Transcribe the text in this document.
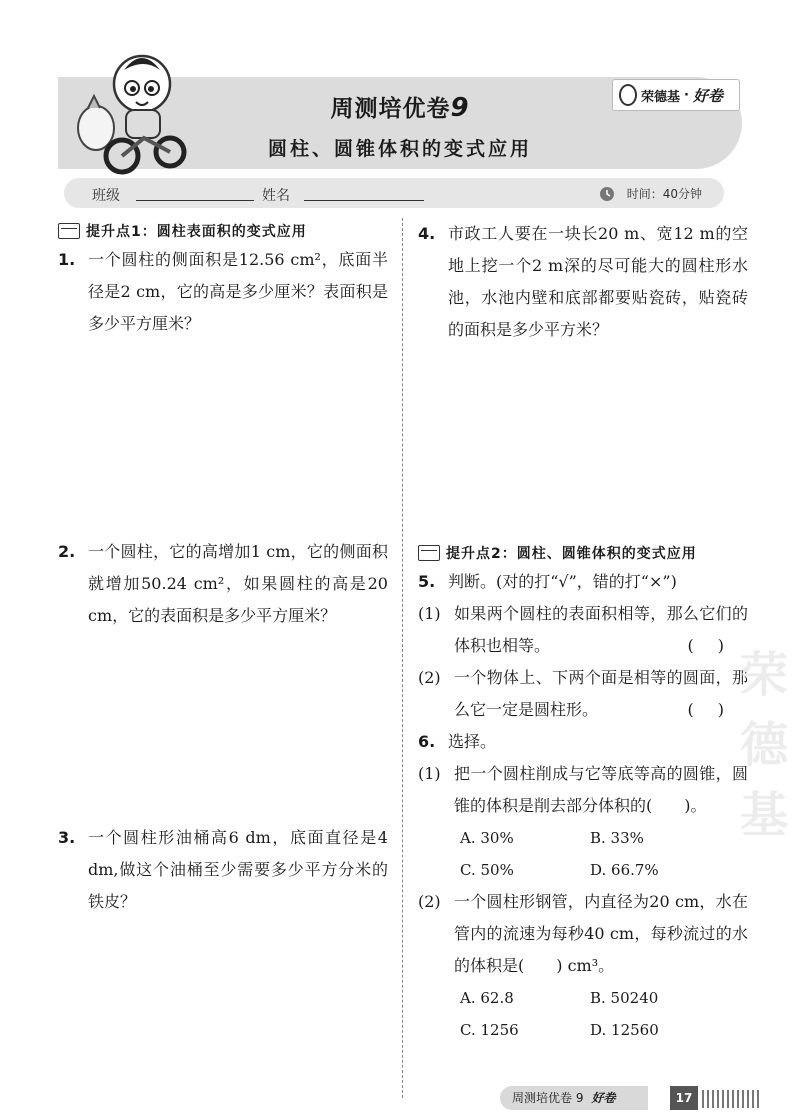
周测培优卷9
圆柱、圆锥体积的变式应用
荣德基 · 好卷
班级	姓名	时间：40分钟
提升点1：圆柱表面积的变式应用
1. 一个圆柱的侧面积是12.56 cm²，底面半径是2 cm，它的高是多少厘米？表面积是多少平方厘米？
2. 一个圆柱，它的高增加1 cm，它的侧面积就增加50.24 cm²，如果圆柱的高是20 cm，它的表面积是多少平方厘米？
3. 一个圆柱形油桶高6 dm，底面直径是4 dm,做这个油桶至少需要多少平方分米的铁皮？
4. 市政工人要在一块长20 m、宽12 m的空地上挖一个2 m深的尽可能大的圆柱形水池，水池内壁和底部都要贴瓷砖，贴瓷砖的面积是多少平方米？
提升点2：圆柱、圆锥体积的变式应用
5. 判断。(对的打“√”，错的打“×”)
(1) 如果两个圆柱的表面积相等，那么它们的体积也相等。	()
(2) 一个物体上、下两个面是相等的圆面，那么它一定是圆柱形。	()
6. 选择。
(1) 把一个圆柱削成与它等底等高的圆锥，圆锥的体积是削去部分体积的(　　)。
A. 30%	B. 33%
C. 50%	D. 66.7%
(2) 一个圆柱形钢管，内直径为20 cm，水在管内的流速为每秒40 cm，每秒流过的水的体积是(　　) cm³。
A. 62.8	B. 50240
C. 1256	D. 12560
荣德基
周测培优卷 9 好卷	17
